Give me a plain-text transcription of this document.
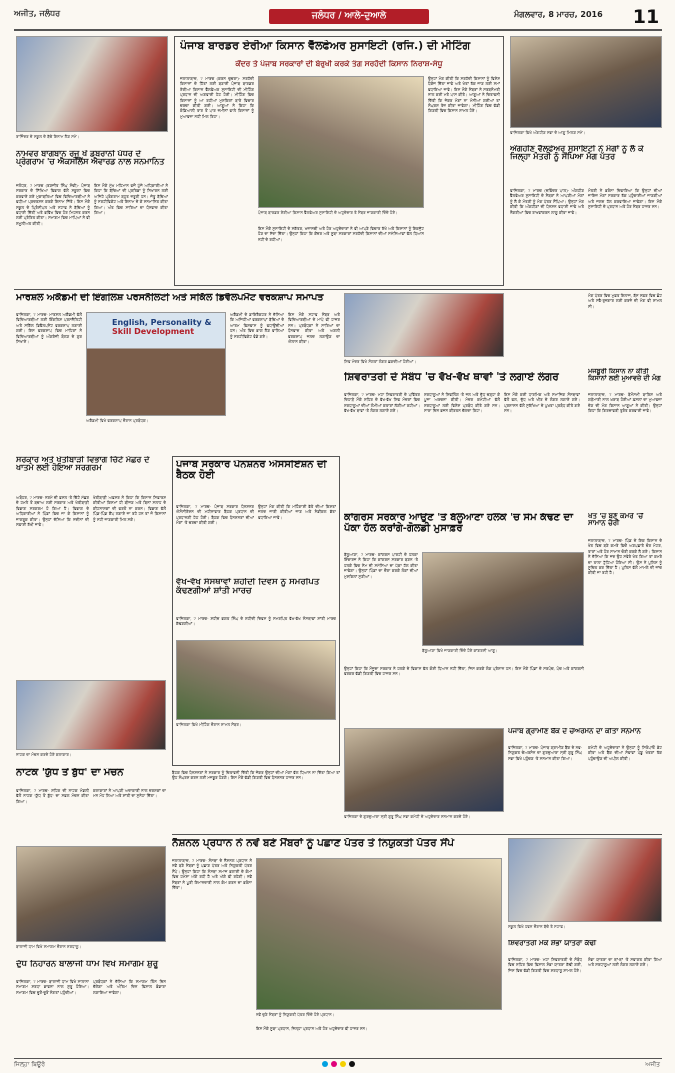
ਅਜੀਤ, ਜਲੰਧਰ	ਜਲੰਧਰ / ਆਲੇ-ਦੁਆਲੇ	ਮੰਗਲਵਾਰ, 8 ਮਾਰਚ, 2016	11
ਰਾਜਿੰਦਰ ਦੇ ਸਕੂਲ ਦੇ ਬੱਚੇ ਇਨਾਮ ਲੈਣ ਸਮੇਂ।
ਨਾਮਵਰ ਬਾਗਬਾਨ ਰਜੂ ਖੋਂ ਡਬਰਾਨੀ ਪੱਧਰ ਦੇ ਪ੍ਰੋਗਰਾਮ 'ਚ ਐਕਸੀਲੈਂਸ ਐਵਾਰਡ ਨਾਲ ਸਨਮਾਨਿਤ
ਜਲੰਧਰ, 7 ਮਾਰਚ (ਰਣਜੀਤ ਸਿੰਘ ਸੋਢੀ)- ਪੰਜਾਬ ਸਰਕਾਰ ਦੇ ਸਿੱਖਿਆ ਵਿਭਾਗ ਵੱਲੋਂ ਸਕੂਲਾਂ ਵਿਚ ਕਰਵਾਏ ਗਏ ਮੁਕਾਬਲਿਆਂ ਵਿਚ ਵਿਦਿਆਰਥੀਆਂ ਨੇ ਵਧੀਆ ਪ੍ਰਦਰਸ਼ਨ ਕਰਕੇ ਇਨਾਮ ਜਿੱਤੇ। ਇਸ ਮੌਕੇ ਸਕੂਲ ਦੇ ਪ੍ਰਿੰਸੀਪਲ ਅਤੇ ਸਟਾਫ ਨੇ ਬੱਚਿਆਂ ਨੂੰ ਵਧਾਈ ਦਿੱਤੀ ਅਤੇ ਭਵਿੱਖ ਵਿਚ ਹੋਰ ਮਿਹਨਤ ਕਰਨ ਲਈ ਪ੍ਰੇਰਿਤ ਕੀਤਾ। ਸਮਾਗਮ ਵਿਚ ਮਾਪਿਆਂ ਨੇ ਵੀ ਸ਼ਮੂਲੀਅਤ ਕੀਤੀ।
ਇਸ ਮੌਕੇ ਮੁੱਖ ਮਹਿਮਾਨ ਵਜੋਂ ਪੁੱਜੇ ਅਧਿਕਾਰੀਆਂ ਨੇ ਕਿਹਾ ਕਿ ਬੱਚਿਆਂ ਦੀ ਪ੍ਰਤਿਭਾ ਨੂੰ ਨਿਖਾਰਨ ਲਈ ਅਜਿਹੇ ਪ੍ਰੋਗਰਾਮ ਬਹੁਤ ਜ਼ਰੂਰੀ ਹਨ। ਜੇਤੂ ਬੱਚਿਆਂ ਨੂੰ ਸਰਟੀਫਿਕੇਟ ਅਤੇ ਇਨਾਮ ਦੇ ਕੇ ਸਨਮਾਨਿਤ ਕੀਤਾ ਗਿਆ। ਅੰਤ ਵਿਚ ਸਾਰਿਆਂ ਦਾ ਧੰਨਵਾਦ ਕੀਤਾ ਗਿਆ।
ਪੰਜਾਬ ਬਾਰਡਰ ਏਰੀਆ ਕਿਸਾਨ ਵੈੱਲਫੇਅਰ ਸੁਸਾਇਟੀ (ਰਜਿ.) ਦੀ ਮੀਟਿੰਗ
ਕੇਂਦਰ ਤੇ ਪੰਜਾਬ ਸਰਕਾਰਾਂ ਦੀ ਬੇਰੁਖੀ ਕਰਕੇ ਤੰਗ ਸਰਹੱਦੀ ਕਿਸਾਨ ਨਿਰਾਸ਼-ਸੰਧੂ
ਜਲਾਲਾਬਾਦ, 7 ਮਾਰਚ (ਕਰਨ ਚੁਚਰਾ)- ਸਰਹੱਦੀ ਕਿਸਾਨਾਂ ਦੇ ਹਿੱਤਾਂ ਲਈ ਬਣਾਈ ਪੰਜਾਬ ਬਾਰਡਰ ਏਰੀਆ ਕਿਸਾਨ ਵੈੱਲਫੇਅਰ ਸੁਸਾਇਟੀ ਦੀ ਮੀਟਿੰਗ ਪ੍ਰਧਾਨ ਦੀ ਅਗਵਾਈ ਹੇਠ ਹੋਈ। ਮੀਟਿੰਗ ਵਿਚ ਕਿਸਾਨਾਂ ਨੂੰ ਆ ਰਹੀਆਂ ਮੁਸ਼ਕਿਲਾਂ ਬਾਰੇ ਵਿਚਾਰ ਚਰਚਾ ਕੀਤੀ ਗਈ। ਆਗੂਆਂ ਨੇ ਕਿਹਾ ਕਿ ਕੰਡਿਆਲੀ ਤਾਰ ਤੋਂ ਪਾਰ ਜ਼ਮੀਨਾਂ ਵਾਲੇ ਕਿਸਾਨਾਂ ਨੂੰ ਮੁਆਵਜ਼ਾ ਨਹੀਂ ਮਿਲ ਰਿਹਾ।
ਪੰਜਾਬ ਬਾਰਡਰ ਏਰੀਆ ਕਿਸਾਨ ਵੈੱਲਫੇਅਰ ਸੁਸਾਇਟੀ ਦੇ ਅਹੁਦੇਦਾਰ ਤੇ ਮੈਂਬਰ ਜਾਣਕਾਰੀ ਦਿੰਦੇ ਹੋਏ।
ਉਨ੍ਹਾਂ ਮੰਗ ਕੀਤੀ ਕਿ ਸਰਹੱਦੀ ਕਿਸਾਨਾਂ ਨੂੰ ਵਿਸ਼ੇਸ਼ ਪੈਕੇਜ ਦਿੱਤਾ ਜਾਵੇ ਅਤੇ ਖੇਤਾਂ ਤੱਕ ਜਾਣ ਲਈ ਸਮਾਂ ਵਧਾਇਆ ਜਾਵੇ। ਇਸ ਮੌਕੇ ਮੈਂਬਰਾਂ ਨੇ ਸਰਬਸੰਮਤੀ ਨਾਲ ਕਈ ਮਤੇ ਪਾਸ ਕੀਤੇ। ਆਗੂਆਂ ਨੇ ਚਿਤਾਵਨੀ ਦਿੱਤੀ ਕਿ ਜੇਕਰ ਮੰਗਾਂ ਨਾ ਮੰਨੀਆਂ ਗਈਆਂ ਤਾਂ ਸੰਘਰਸ਼ ਤੇਜ਼ ਕੀਤਾ ਜਾਵੇਗਾ। ਮੀਟਿੰਗ ਵਿਚ ਵੱਡੀ ਗਿਣਤੀ ਵਿਚ ਕਿਸਾਨ ਸ਼ਾਮਲ ਹੋਏ।
ਇਸ ਮੌਕੇ ਸੁਸਾਇਟੀ ਦੇ ਸਕੱਤਰ, ਖਜ਼ਾਨਚੀ ਅਤੇ ਹੋਰ ਅਹੁਦੇਦਾਰਾਂ ਨੇ ਵੀ ਆਪਣੇ ਵਿਚਾਰ ਰੱਖੇ ਅਤੇ ਕਿਸਾਨਾਂ ਨੂੰ ਇਕਜੁੱਟ ਹੋਣ ਦਾ ਸੱਦਾ ਦਿੱਤਾ। ਉਨ੍ਹਾਂ ਕਿਹਾ ਕਿ ਕੇਂਦਰ ਅਤੇ ਸੂਬਾ ਸਰਕਾਰਾਂ ਸਰਹੱਦੀ ਕਿਸਾਨਾਂ ਦੀਆਂ ਸਮੱਸਿਆਵਾਂ ਵੱਲ ਧਿਆਨ ਨਹੀਂ ਦੇ ਰਹੀਆਂ।
ਫਾਜ਼ਿਲਕਾ ਵਿਖੇ ਅੰਗਹੀਣ ਸਭਾ ਦੇ ਆਗੂ ਮਿਲਣ ਸਮੇਂ।
ਅੰਗਹੀਣ ਵੈੱਲਫੇਅਰ ਸੁਸਾਇਟੀ ਨੇ ਮੰਗਾਂ ਨੂੰ ਲੈ ਕੇ ਜਿਲ੍ਹਾ ਮੰਤਰੀ ਨੂੰ ਸੌਂਪਿਆ ਮੰਗ ਪੱਤਰ
ਫਾਜ਼ਿਲਕਾ, 7 ਮਾਰਚ (ਦਵਿੰਦਰ ਪਾਲ)- ਅੰਗਹੀਣ ਵੈੱਲਫੇਅਰ ਸੁਸਾਇਟੀ ਦੇ ਮੈਂਬਰਾਂ ਨੇ ਆਪਣੀਆਂ ਮੰਗਾਂ ਨੂੰ ਲੈ ਕੇ ਮੰਤਰੀ ਨੂੰ ਮੰਗ ਪੱਤਰ ਸੌਂਪਿਆ। ਉਨ੍ਹਾਂ ਮੰਗ ਕੀਤੀ ਕਿ ਅੰਗਹੀਣਾਂ ਦੀ ਪੈਨਸ਼ਨ ਵਧਾਈ ਜਾਵੇ ਅਤੇ ਨੌਕਰੀਆਂ ਵਿਚ ਰਾਖਵਾਂਕਰਨ ਲਾਗੂ ਕੀਤਾ ਜਾਵੇ।
ਮੰਤਰੀ ਨੇ ਭਰੋਸਾ ਦਿਵਾਇਆ ਕਿ ਉਨ੍ਹਾਂ ਦੀਆਂ ਜਾਇਜ਼ ਮੰਗਾਂ ਸਰਕਾਰ ਤੱਕ ਪਹੁੰਚਾਈਆਂ ਜਾਣਗੀਆਂ ਅਤੇ ਜਲਦ ਹੱਲ ਕਰਵਾਇਆ ਜਾਵੇਗਾ। ਇਸ ਮੌਕੇ ਸੁਸਾਇਟੀ ਦੇ ਪ੍ਰਧਾਨ ਅਤੇ ਹੋਰ ਮੈਂਬਰ ਹਾਜ਼ਰ ਸਨ।
ਮਾਰਸ਼ਲ ਅਕੈਡਮੀ ਦੀ ਇੰਗਲਿਸ਼ ਪਰਸਨੈਲਿਟੀ ਅਤੇ ਸਕਿੱਲ ਡਿਵੈਲਪਮੈਂਟ ਵਰਕਸ਼ਾਪ ਸਮਾਪਤ
ਫਾਜ਼ਿਲਕਾ, 7 ਮਾਰਚ- ਮਾਰਸ਼ਲ ਅਕੈਡਮੀ ਵੱਲੋਂ ਵਿਦਿਆਰਥੀਆਂ ਲਈ ਇੰਗਲਿਸ਼ ਪਰਸਨੈਲਿਟੀ ਅਤੇ ਸਕਿੱਲ ਡਿਵੈਲਪਮੈਂਟ ਵਰਕਸ਼ਾਪ ਲਗਾਈ ਗਈ। ਇਸ ਵਰਕਸ਼ਾਪ ਵਿਚ ਮਾਹਿਰਾਂ ਨੇ ਵਿਦਿਆਰਥੀਆਂ ਨੂੰ ਅੰਗਰੇਜ਼ੀ ਬੋਲਣ ਦੇ ਗੁਰ ਸਿਖਾਏ।
English, Personality &
Skill Development
ਅਕੈਡਮੀ ਵਿਖੇ ਵਰਕਸ਼ਾਪ ਦੌਰਾਨ ਪ੍ਰਬੰਧਕ।
ਅਕੈਡਮੀ ਦੇ ਡਾਇਰੈਕਟਰ ਨੇ ਦੱਸਿਆ ਕਿ ਅਜਿਹੀਆਂ ਵਰਕਸ਼ਾਪਾਂ ਬੱਚਿਆਂ ਦੇ ਆਤਮ ਵਿਸ਼ਵਾਸ ਨੂੰ ਵਧਾਉਂਦੀਆਂ ਹਨ। ਅੰਤ ਵਿਚ ਭਾਗ ਲੈਣ ਵਾਲਿਆਂ ਨੂੰ ਸਰਟੀਫਿਕੇਟ ਵੰਡੇ ਗਏ।
ਇਸ ਮੌਕੇ ਸਟਾਫ ਮੈਂਬਰ ਅਤੇ ਵਿਦਿਆਰਥੀਆਂ ਦੇ ਮਾਪੇ ਵੀ ਹਾਜ਼ਰ ਸਨ। ਪ੍ਰਬੰਧਕਾਂ ਨੇ ਸਾਰਿਆਂ ਦਾ ਧੰਨਵਾਦ ਕੀਤਾ ਅਤੇ ਅਗਲੀ ਵਰਕਸ਼ਾਪ ਜਲਦ ਲਗਾਉਣ ਦਾ ਐਲਾਨ ਕੀਤਾ।
ਸ਼ਿਵ ਮੰਦਰ ਵਿਖੇ ਸੰਗਤਾਂ ਲੰਗਰ ਛਕਦੀਆਂ ਹੋਈਆਂ।
ਸ਼ਿਵਰਾਤਰੀ ਦੇ ਸੰਬੰਧ 'ਚ ਵੱਖ-ਵੱਖ ਥਾਵਾਂ 'ਤੇ ਲਗਾਏ ਲੰਗਰ
ਫਾਜ਼ਿਲਕਾ, 7 ਮਾਰਚ- ਮਹਾ ਸ਼ਿਵਰਾਤਰੀ ਦੇ ਪਵਿੱਤਰ ਦਿਹਾੜੇ ਮੌਕੇ ਸ਼ਹਿਰ ਦੇ ਵੱਖ-ਵੱਖ ਸ਼ਿਵ ਮੰਦਰਾਂ ਵਿਚ ਸ਼ਰਧਾਲੂਆਂ ਦੀਆਂ ਲੰਮੀਆਂ ਕਤਾਰਾਂ ਲੱਗੀਆਂ ਰਹੀਆਂ। ਵੱਖ-ਵੱਖ ਥਾਵਾਂ 'ਤੇ ਲੰਗਰ ਲਗਾਏ ਗਏ।
ਸ਼ਰਧਾਲੂਆਂ ਨੇ ਸ਼ਿਵਲਿੰਗ 'ਤੇ ਜਲ ਅਤੇ ਦੁੱਧ ਚੜ੍ਹਾ ਕੇ ਪੂਜਾ ਅਰਚਨਾ ਕੀਤੀ। ਮੰਦਰ ਕਮੇਟੀਆਂ ਵੱਲੋਂ ਸ਼ਰਧਾਲੂਆਂ ਲਈ ਵਿਸ਼ੇਸ਼ ਪ੍ਰਬੰਧ ਕੀਤੇ ਗਏ ਸਨ। ਸਾਰਾ ਦਿਨ ਭਜਨ ਕੀਰਤਨ ਚੱਲਦਾ ਰਿਹਾ।
ਇਸ ਮੌਕੇ ਕਈ ਧਾਰਮਿਕ ਅਤੇ ਸਮਾਜਿਕ ਸੰਸਥਾਵਾਂ ਵੱਲੋਂ ਫਲ, ਦੁੱਧ ਅਤੇ ਖੀਰ ਦੇ ਲੰਗਰ ਲਗਾਏ ਗਏ। ਪ੍ਰਸ਼ਾਸਨ ਵੱਲੋਂ ਸੁਰੱਖਿਆ ਦੇ ਪੁਖ਼ਤਾ ਪ੍ਰਬੰਧ ਕੀਤੇ ਗਏ ਸਨ।
ਮੰਗ ਪੱਤਰ ਵਿਚ ਮੁਫ਼ਤ ਇਲਾਜ, ਬੱਸ ਸਫ਼ਰ ਵਿਚ ਛੋਟ ਅਤੇ ਸਵੈ-ਰੁਜ਼ਗਾਰ ਲਈ ਕਰਜ਼ੇ ਦੀ ਮੰਗ ਵੀ ਸ਼ਾਮਲ ਸੀ।
ਮਜਬੂਰੀ ਕਿਸਾਨ ਨਾ ਕੀਤੀ ਕਿਸਾਨਾਂ ਲਈ ਮੁਆਵਜ਼ੇ ਦੀ ਮੰਗ
ਜਲਾਲਾਬਾਦ, 7 ਮਾਰਚ- ਬੇਮੌਸਮੀ ਬਾਰਿਸ਼ ਅਤੇ ਗੜੇਮਾਰੀ ਨਾਲ ਖ਼ਰਾਬ ਹੋਈਆਂ ਫ਼ਸਲਾਂ ਦਾ ਮੁਆਵਜ਼ਾ ਦੇਣ ਦੀ ਮੰਗ ਕਿਸਾਨ ਆਗੂਆਂ ਨੇ ਕੀਤੀ। ਉਨ੍ਹਾਂ ਕਿਹਾ ਕਿ ਗਿਰਦਾਵਰੀ ਤੁਰੰਤ ਕਰਵਾਈ ਜਾਵੇ।
ਸਰਕਾਰ ਅਤੇ ਖੇਤੀਬਾੜੀ ਵਿਭਾਗ ਚਿੱਟੇ ਮੱਛਰ ਦੇ ਖਾਤਮੇ ਲਈ ਹੋਇਆ ਸਰਗਰਮ
ਅਬੋਹਰ, 7 ਮਾਰਚ- ਨਰਮੇ ਦੀ ਫ਼ਸਲ 'ਤੇ ਚਿੱਟੇ ਮੱਛਰ ਦੇ ਹਮਲੇ ਤੋਂ ਬਚਾਅ ਲਈ ਸਰਕਾਰ ਅਤੇ ਖੇਤੀਬਾੜੀ ਵਿਭਾਗ ਸਰਗਰਮ ਹੋ ਗਿਆ ਹੈ। ਵਿਭਾਗ ਦੇ ਅਧਿਕਾਰੀਆਂ ਨੇ ਪਿੰਡਾਂ ਵਿਚ ਜਾ ਕੇ ਕਿਸਾਨਾਂ ਨੂੰ ਜਾਗਰੂਕ ਕੀਤਾ। ਉਨ੍ਹਾਂ ਦੱਸਿਆ ਕਿ ਨਦੀਨਾਂ ਦੀ ਸਫ਼ਾਈ ਰੱਖੀ ਜਾਵੇ।
ਖੇਤੀਬਾੜੀ ਅਫ਼ਸਰ ਨੇ ਕਿਹਾ ਕਿ ਕਿਸਾਨ ਸਿਫ਼ਾਰਸ਼ ਕੀਤੀਆਂ ਕਿਸਮਾਂ ਹੀ ਬੀਜਣ ਅਤੇ ਬਿਨਾਂ ਸਲਾਹ ਦੇ ਕੀਟਨਾਸ਼ਕਾਂ ਦੀ ਵਰਤੋਂ ਨਾ ਕਰਨ। ਵਿਭਾਗ ਵੱਲੋਂ ਪਿੰਡ-ਪਿੰਡ ਕੈਂਪ ਲਗਾਏ ਜਾ ਰਹੇ ਹਨ ਤਾਂ ਜੋ ਕਿਸਾਨਾਂ ਨੂੰ ਸਹੀ ਜਾਣਕਾਰੀ ਮਿਲ ਸਕੇ।
ਪੰਜਾਬ ਸਰਕਾਰ ਪੈਨਸ਼ਨਰ ਐਸੋਸੀਏਸ਼ਨ ਦੀ ਬੈਠਕ ਹੋਈ
ਫਾਜ਼ਿਲਕਾ, 7 ਮਾਰਚ- ਪੰਜਾਬ ਸਰਕਾਰ ਪੈਨਸ਼ਨਰ ਐਸੋਸੀਏਸ਼ਨ ਦੀ ਮਹੀਨਾਵਾਰ ਬੈਠਕ ਪ੍ਰਧਾਨ ਦੀ ਪ੍ਰਧਾਨਗੀ ਹੇਠ ਹੋਈ। ਬੈਠਕ ਵਿਚ ਪੈਨਸ਼ਨਰਾਂ ਦੀਆਂ ਮੰਗਾਂ 'ਤੇ ਚਰਚਾ ਕੀਤੀ ਗਈ।
ਉਨ੍ਹਾਂ ਮੰਗ ਕੀਤੀ ਕਿ ਮਹਿੰਗਾਈ ਭੱਤੇ ਦੀਆਂ ਕਿਸ਼ਤਾਂ ਜਲਦ ਜਾਰੀ ਕੀਤੀਆਂ ਜਾਣ ਅਤੇ ਮੈਡੀਕਲ ਭੱਤਾ ਵਧਾਇਆ ਜਾਵੇ।
ਵੱਖ-ਵੱਖ ਸੰਸਥਾਵਾਂ ਸ਼ਹੀਦੀ ਦਿਵਸ ਨੂੰ ਸਮਰਪਿਤ ਕੱਢਣਗੀਆਂ ਸ਼ਾਂਤੀ ਮਾਰਚ
ਫਾਜ਼ਿਲਕਾ ਵਿਖੇ ਮੀਟਿੰਗ ਦੌਰਾਨ ਸ਼ਾਮਲ ਮੈਂਬਰ।
ਫਾਜ਼ਿਲਕਾ, 7 ਮਾਰਚ- ਸ਼ਹੀਦ ਭਗਤ ਸਿੰਘ ਦੇ ਸ਼ਹੀਦੀ ਦਿਵਸ ਨੂੰ ਸਮਰਪਿਤ ਵੱਖ-ਵੱਖ ਸੰਸਥਾਵਾਂ ਸ਼ਾਂਤੀ ਮਾਰਚ ਕੱਢਣਗੀਆਂ।
ਕਾਂਗਰਸ ਸਰਕਾਰ ਆਉਣ 'ਤੇ ਬੱਲੂਆਣਾ ਹਲਕੇ 'ਚ ਸੇਮ ਕੱਢਣ ਦਾ ਪੱਕਾ ਹੱਲ ਕਰਾਂਗੇ-ਗੋਲਡੀ ਮੁਸਾਫ਼ਰ
ਬੱਲੂਆਣਾ, 7 ਮਾਰਚ- ਕਾਂਗਰਸ ਪਾਰਟੀ ਦੇ ਹਲਕਾ ਇੰਚਾਰਜ ਨੇ ਕਿਹਾ ਕਿ ਕਾਂਗਰਸ ਸਰਕਾਰ ਬਣਨ 'ਤੇ ਹਲਕੇ ਵਿਚ ਸੇਮ ਦੀ ਸਮੱਸਿਆ ਦਾ ਪੱਕਾ ਹੱਲ ਕੀਤਾ ਜਾਵੇਗਾ। ਉਨ੍ਹਾਂ ਪਿੰਡਾਂ ਦਾ ਦੌਰਾ ਕਰਕੇ ਲੋਕਾਂ ਦੀਆਂ ਮੁਸ਼ਕਿਲਾਂ ਸੁਣੀਆਂ।
ਬੱਲੂਆਣਾ ਵਿਖੇ ਜਾਣਕਾਰੀ ਦਿੰਦੇ ਹੋਏ ਕਾਂਗਰਸੀ ਆਗੂ।
ਉਨ੍ਹਾਂ ਕਿਹਾ ਕਿ ਮੌਜੂਦਾ ਸਰਕਾਰ ਨੇ ਹਲਕੇ ਦੇ ਵਿਕਾਸ ਵੱਲ ਕੋਈ ਧਿਆਨ ਨਹੀਂ ਦਿੱਤਾ, ਜਿਸ ਕਰਕੇ ਲੋਕ ਪ੍ਰੇਸ਼ਾਨ ਹਨ। ਇਸ ਮੌਕੇ ਪਿੰਡਾਂ ਦੇ ਸਰਪੰਚ, ਪੰਚ ਅਤੇ ਕਾਂਗਰਸੀ ਵਰਕਰ ਵੱਡੀ ਗਿਣਤੀ ਵਿਚ ਹਾਜ਼ਰ ਸਨ।
ਖੇਤ 'ਚ ਬਣੇ ਕਮਰੇ 'ਚੋਂ ਸਾਮਾਨ ਚੋਰੀ
ਜਲਾਲਾਬਾਦ, 7 ਮਾਰਚ- ਪਿੰਡ ਦੇ ਇਕ ਕਿਸਾਨ ਦੇ ਖੇਤ ਵਿਚ ਬਣੇ ਕਮਰੇ ਵਿਚੋਂ ਅਣਪਛਾਤੇ ਚੋਰ ਮੋਟਰ, ਤਾਰਾਂ ਅਤੇ ਹੋਰ ਸਾਮਾਨ ਚੋਰੀ ਕਰਕੇ ਲੈ ਗਏ। ਕਿਸਾਨ ਨੇ ਦੱਸਿਆ ਕਿ ਜਦ ਉਹ ਸਵੇਰੇ ਖੇਤ ਗਿਆ ਤਾਂ ਕਮਰੇ ਦਾ ਤਾਲਾ ਟੁੱਟਿਆ ਹੋਇਆ ਸੀ। ਉਸ ਨੇ ਪੁਲਿਸ ਨੂੰ ਸੂਚਿਤ ਕਰ ਦਿੱਤਾ ਹੈ। ਪੁਲਿਸ ਵੱਲੋਂ ਮਾਮਲੇ ਦੀ ਜਾਂਚ ਕੀਤੀ ਜਾ ਰਹੀ ਹੈ।
ਨਾਟਕ ਦਾ ਮੰਚਨ ਕਰਦੇ ਹੋਏ ਕਲਾਕਾਰ।
ਨਾਟਕ 'ਯੁੱਧ ਤੋਂ ਬੁੱਧ' ਦਾ ਮੰਚਨ
ਫਾਜ਼ਿਲਕਾ, 7 ਮਾਰਚ- ਸ਼ਹਿਰ ਦੀ ਨਾਟਕ ਮੰਡਲੀ ਵੱਲੋਂ ਨਾਟਕ 'ਯੁੱਧ ਤੋਂ ਬੁੱਧ' ਦਾ ਸਫ਼ਲ ਮੰਚਨ ਕੀਤਾ ਗਿਆ।
ਕਲਾਕਾਰਾਂ ਨੇ ਆਪਣੀ ਅਦਾਕਾਰੀ ਨਾਲ ਦਰਸ਼ਕਾਂ ਦਾ ਮਨ ਮੋਹ ਲਿਆ ਅਤੇ ਸ਼ਾਂਤੀ ਦਾ ਸੁਨੇਹਾ ਦਿੱਤਾ।
ਬੈਠਕ ਵਿਚ ਪੈਨਸ਼ਨਰਾਂ ਨੇ ਸਰਕਾਰ ਨੂੰ ਚਿਤਾਵਨੀ ਦਿੱਤੀ ਕਿ ਜੇਕਰ ਉਨ੍ਹਾਂ ਦੀਆਂ ਮੰਗਾਂ ਵੱਲ ਧਿਆਨ ਨਾ ਦਿੱਤਾ ਗਿਆ ਤਾਂ ਉਹ ਸੰਘਰਸ਼ ਕਰਨ ਲਈ ਮਜਬੂਰ ਹੋਣਗੇ। ਇਸ ਮੌਕੇ ਵੱਡੀ ਗਿਣਤੀ ਵਿਚ ਪੈਨਸ਼ਨਰ ਹਾਜ਼ਰ ਸਨ।
ਫਾਜ਼ਿਲਕਾ ਦੇ ਗੁਰਦੁਆਰਾ ਸ੍ਰੀ ਗੁਰੂ ਸਿੰਘ ਸਭਾ ਕਮੇਟੀ ਦੇ ਅਹੁਦੇਦਾਰ ਸਨਮਾਨ ਕਰਦੇ ਹੋਏ।
ਪੰਜਾਬ ਗ੍ਰਾਮੀਣ ਬੈਂਕ ਦੇ ਚੇਅਰਮੈਨ ਦਾ ਕੀਤਾ ਸਨਮਾਨ
ਫਾਜ਼ਿਲਕਾ, 7 ਮਾਰਚ- ਪੰਜਾਬ ਗ੍ਰਾਮੀਣ ਬੈਂਕ ਦੇ ਨਵ-ਨਿਯੁਕਤ ਚੇਅਰਮੈਨ ਦਾ ਗੁਰਦੁਆਰਾ ਸ੍ਰੀ ਗੁਰੂ ਸਿੰਘ ਸਭਾ ਵਿਖੇ ਪਹੁੰਚਣ 'ਤੇ ਸਨਮਾਨ ਕੀਤਾ ਗਿਆ।
ਕਮੇਟੀ ਦੇ ਅਹੁਦੇਦਾਰਾਂ ਨੇ ਉਨ੍ਹਾਂ ਨੂੰ ਸਿਰੋਪਾਓ ਭੇਟ ਕੀਤਾ ਅਤੇ ਬੈਂਕ ਦੀਆਂ ਸੇਵਾਵਾਂ ਪੇਂਡੂ ਖੇਤਰਾਂ ਤੱਕ ਪਹੁੰਚਾਉਣ ਦੀ ਅਪੀਲ ਕੀਤੀ।
ਨੈਸ਼ਨਲ ਪ੍ਰਧਾਨ ਨੇ ਨਵੇਂ ਬਣੇ ਮੈਂਬਰਾਂ ਨੂੰ ਪਛਾਣ ਪੱਤਰ ਤੇ ਨਿਯੁਕਤੀ ਪੱਤਰ ਸੌਂਪੇ
ਜਲਾਲਾਬਾਦ, 7 ਮਾਰਚ- ਸੰਸਥਾ ਦੇ ਨੈਸ਼ਨਲ ਪ੍ਰਧਾਨ ਨੇ ਨਵੇਂ ਬਣੇ ਮੈਂਬਰਾਂ ਨੂੰ ਪਛਾਣ ਪੱਤਰ ਅਤੇ ਨਿਯੁਕਤੀ ਪੱਤਰ ਸੌਂਪੇ। ਉਨ੍ਹਾਂ ਕਿਹਾ ਕਿ ਸੰਸਥਾ ਸਮਾਜ ਭਲਾਈ ਦੇ ਕੰਮਾਂ ਵਿਚ ਹਮੇਸ਼ਾ ਅੱਗੇ ਰਹੀ ਹੈ ਅਤੇ ਅੱਗੇ ਵੀ ਰਹੇਗੀ। ਨਵੇਂ ਮੈਂਬਰਾਂ ਨੇ ਪੂਰੀ ਇਮਾਨਦਾਰੀ ਨਾਲ ਕੰਮ ਕਰਨ ਦਾ ਭਰੋਸਾ ਦਿੱਤਾ।
ਨਵੇਂ ਚੁਣੇ ਮੈਂਬਰਾਂ ਨੂੰ ਨਿਯੁਕਤੀ ਪੱਤਰ ਦਿੰਦੇ ਹੋਏ ਪ੍ਰਧਾਨ।
ਇਸ ਮੌਕੇ ਸੂਬਾ ਪ੍ਰਧਾਨ, ਜ਼ਿਲ੍ਹਾ ਪ੍ਰਧਾਨ ਅਤੇ ਹੋਰ ਅਹੁਦੇਦਾਰ ਵੀ ਹਾਜ਼ਰ ਸਨ।
ਸਕੂਲ ਵਿਖੇ ਹਵਨ ਦੌਰਾਨ ਬੱਚੇ ਤੇ ਸਟਾਫ।
ਸ਼ਿਵਰਾਤਰੀ ਮੌਕੇ ਸ਼ੋਭਾ ਯਾਤਰਾ ਕੱਢੀ
ਫਾਜ਼ਿਲਕਾ, 7 ਮਾਰਚ- ਮਹਾ ਸ਼ਿਵਰਾਤਰੀ ਦੇ ਸੰਬੰਧ ਵਿਚ ਸ਼ਹਿਰ ਵਿਚ ਵਿਸ਼ਾਲ ਸ਼ੋਭਾ ਯਾਤਰਾ ਕੱਢੀ ਗਈ, ਜਿਸ ਵਿਚ ਵੱਡੀ ਗਿਣਤੀ ਵਿਚ ਸ਼ਰਧਾਲੂ ਸ਼ਾਮਲ ਹੋਏ।
ਸ਼ੋਭਾ ਯਾਤਰਾ ਦਾ ਥਾਂ-ਥਾਂ 'ਤੇ ਸਵਾਗਤ ਕੀਤਾ ਗਿਆ ਅਤੇ ਸ਼ਰਧਾਲੂਆਂ ਲਈ ਲੰਗਰ ਲਗਾਏ ਗਏ।
ਬਾਲਾਜੀ ਧਾਮ ਵਿਖੇ ਸਮਾਗਮ ਦੌਰਾਨ ਸ਼ਰਧਾਲੂ।
ਦੁੱਧ ਨਿਹਾਰਨ ਬਾਲਾਜੀ ਧਾਮ ਵਿਖੇ ਸਮਾਗਮ ਸ਼ੁਰੂ
ਫਾਜ਼ਿਲਕਾ, 7 ਮਾਰਚ- ਬਾਲਾਜੀ ਧਾਮ ਵਿਖੇ ਸਾਲਾਨਾ ਸਮਾਗਮ ਸ਼ਰਧਾ ਭਾਵਨਾ ਨਾਲ ਸ਼ੁਰੂ ਹੋਇਆ। ਸਮਾਗਮ ਵਿਚ ਦੂਰੋਂ-ਦੂਰੋਂ ਸੰਗਤਾਂ ਪਹੁੰਚੀਆਂ।
ਪ੍ਰਬੰਧਕਾਂ ਨੇ ਦੱਸਿਆ ਕਿ ਸਮਾਗਮ ਤਿੰਨ ਦਿਨ ਚੱਲੇਗਾ ਅਤੇ ਅੰਤਿਮ ਦਿਨ ਵਿਸ਼ਾਲ ਭੰਡਾਰਾ ਲਗਾਇਆ ਜਾਵੇਗਾ।
ਜਿਲ੍ਹਾ ਬਿਊਰੋ	ਅਜੀਤ
